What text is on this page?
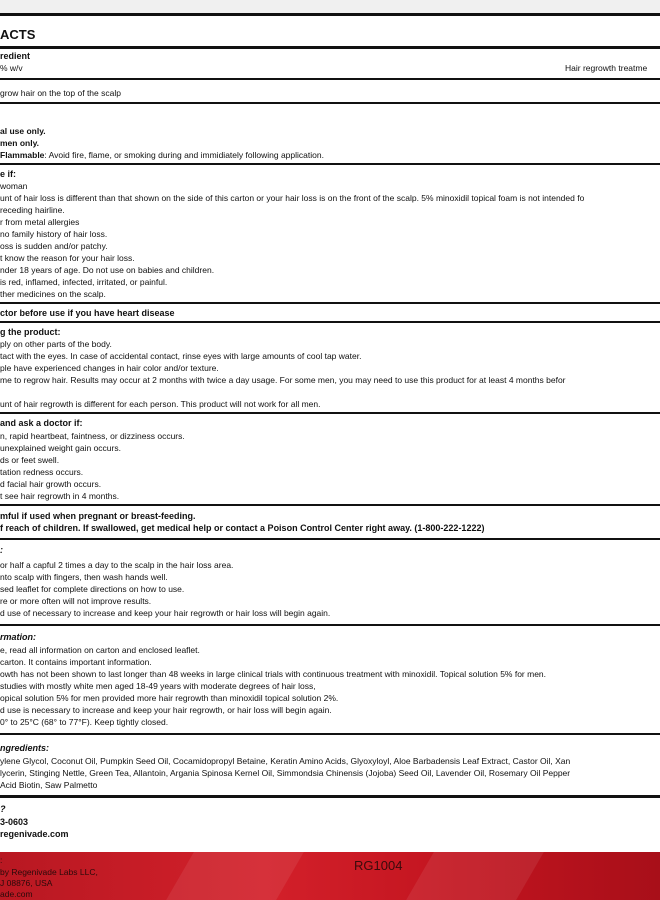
ACTS
redient
% w/v	Hair regrowth treatme
grow hair on the top of the scalp
al use only.
men only.
Flammable: Avoid fire, flame, or smoking during and immidiately following application.
e if:
woman
unt of hair loss is different than that shown on the side of this carton or your hair loss is on the front of the scalp. 5% minoxidil topical foam is not intended fo
receding hairline.
r from metal allergies
no family history of hair loss.
oss is sudden and/or patchy.
t know the reason for your hair loss.
nder 18 years of age. Do not use on babies and children.
is red, inflamed, infected, irritated, or painful.
ther medicines on the scalp.
ctor before use if you have heart disease
g the product:
ply on other parts of the body.
tact with the eyes. In case of accidental contact, rinse eyes with large amounts of cool tap water.
ple have experienced changes in hair color and/or texture.
me to regrow hair. Results may occur at 2 months with twice a day usage. For some men, you may need to use this product for at least 4 months befor
unt of hair regrowth is different for each person. This product will not work for all men.
and ask a doctor if:
n, rapid heartbeat, faintness, or dizziness occurs.
unexplained weight gain occurs.
ds or feet swell.
tation redness occurs.
d facial hair growth occurs.
t see hair regrowth in 4 months.
mful if used when pregnant or breast-feeding.
f reach of children. If swallowed, get medical help or contact a Poison Control Center right away. (1-800-222-1222)
:
or half a capful 2 times a day to the scalp in the hair loss area.
nto scalp with fingers, then wash hands well.
sed leaflet for complete directions on how to use.
re or more often will not improve results.
d use of necessary to increase and keep your hair regrowth or hair loss will begin again.
rmation:
e, read all information on carton and enclosed leaflet.
carton. It contains important information.
owth has not been shown to last longer than 48 weeks in large clinical trials with continuous treatment with minoxidil. Topical solution 5% for men.
studies with mostly white men aged 18-49 years with moderate degrees of hair loss,
opical solution 5% for men provided more hair regrowth than minoxidil topical solution 2%.
d use is necessary to increase and keep your hair regrowth, or hair loss will begin again.
0° to 25°C (68° to 77°F). Keep tightly closed.
ngredients:
ylene Glycol, Coconut Oil, Pumpkin Seed Oil, Cocamidopropyl Betaine, Keratin Amino Acids, Glyoxyloyl, Aloe Barbadensis Leaf Extract, Castor Oil, Xan
lycerin, Stinging Nettle, Green Tea, Allantoin, Argania Spinosa Kernel Oil, Simmondsia Chinensis (Jojoba) Seed Oil, Lavender Oil, Rosemary Oil Pepper
Acid Biotin, Saw Palmetto
?
3-0603
regenivade.com
:
by Regenivade Labs LLC,
J 08876, USA
ade.com
RG1004
